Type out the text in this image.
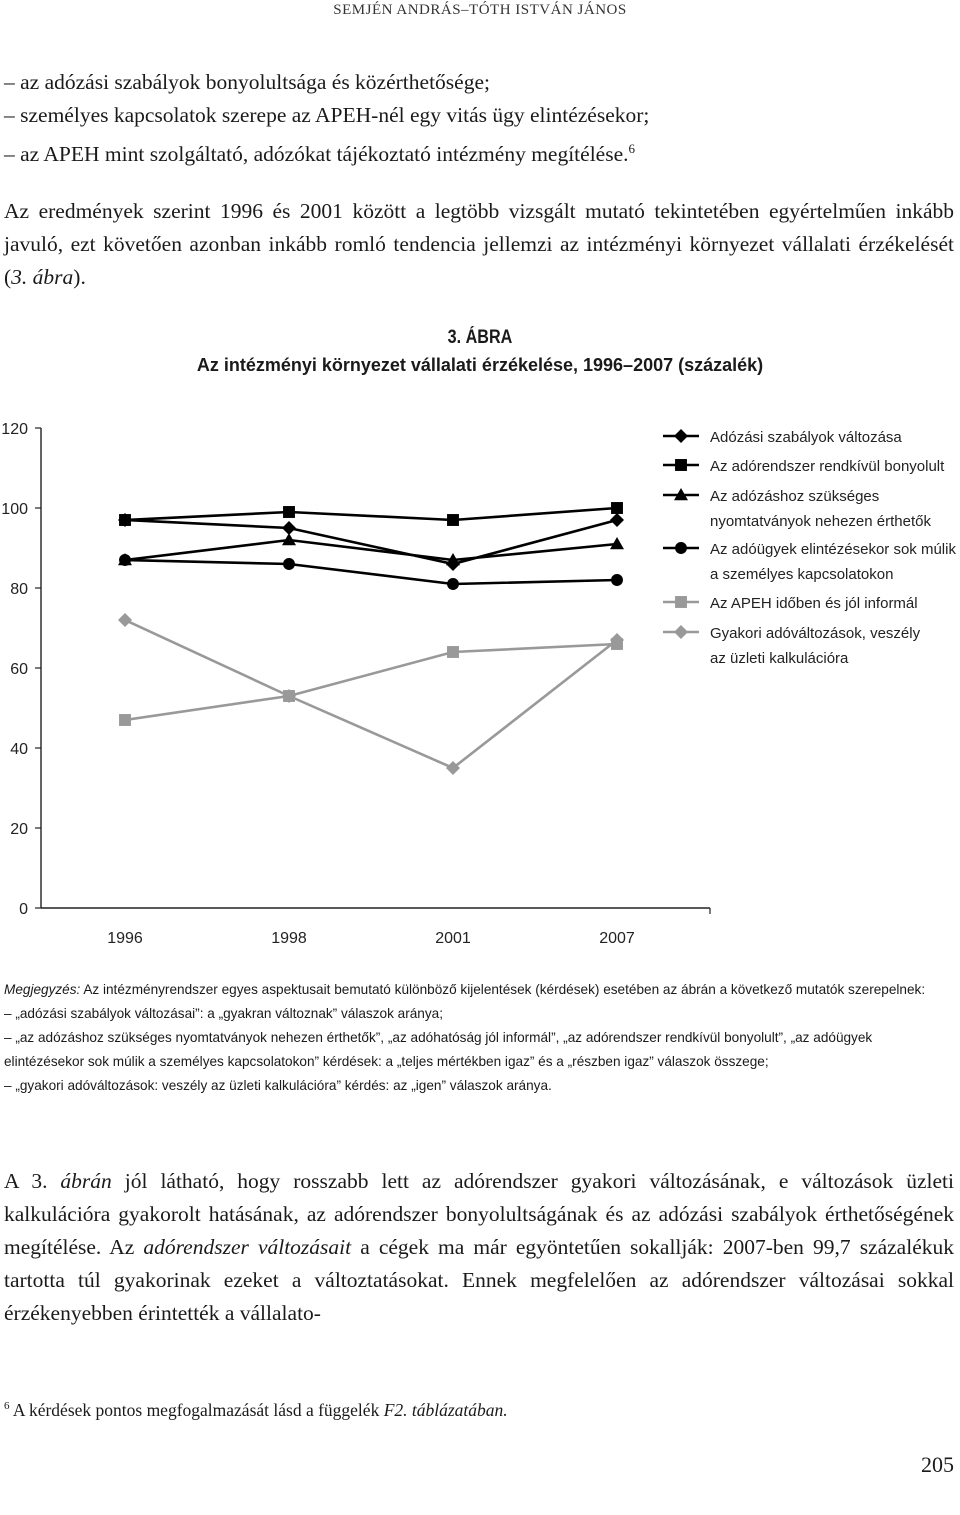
SEMJÉN ANDRÁS–TÓTH ISTVÁN JÁNOS
– az adózási szabályok bonyolultsága és közérthetősége;
– személyes kapcsolatok szerepe az APEH-nél egy vitás ügy elintézésekor;
– az APEH mint szolgáltató, adózókat tájékoztató intézmény megítélése.$^6$
Az eredmények szerint 1996 és 2001 között a legtöbb vizsgált mutató tekintetében egyértelműen inkább javuló, ezt követően azonban inkább romló tendencia jellemzi az intézményi környezet vállalati érzékelését (3. ábra).
3. ÁBRA
Az intézményi környezet vállalati érzékelése, 1996–2007 (százalék)
0
20
40
60
80
100
120
1996	1998	2001	2007
Adózási szabályok változása
Az adórendszer rendkívül bonyolult
Az adózáshoz szükséges
nyomtatványok nehezen érthetők
Az adóügyek elintézésekor sok múlik
a személyes kapcsolatokon
Az APEH időben és jól informál
Gyakori adóváltozások, veszély
az üzleti kalkulációra
Megjegyzés: Az intézményrendszer egyes aspektusait bemutató különböző kijelentések (kérdések) esetében az ábrán a következő mutatók szerepelnek:
– „adózási szabályok változásai”: a „gyakran változnak” válaszok aránya;
– „az adózáshoz szükséges nyomtatványok nehezen érthetők”, „az adóhatóság jól informál”, „az adórendszer rendkívül bonyolult”, „az adóügyek
elintézésekor sok múlik a személyes kapcsolatokon” kérdések: a „teljes mértékben igaz” és a „részben igaz” válaszok összege;
– „gyakori adóváltozások: veszély az üzleti kalkulációra” kérdés: az „igen” válaszok aránya.
A 3. ábrán jól látható, hogy rosszabb lett az adórendszer gyakori változásának, e változások üzleti kalkulációra gyakorolt hatásának, az adórendszer bonyolultságának és az adózási szabályok érthetőségének megítélése. Az adórendszer változásait a cégek ma már egyöntetűen sokallják: 2007-ben 99,7 százalékuk tartotta túl gyakorinak ezeket a változtatásokat. Ennek megfelelően az adórendszer változásai sokkal érzékenyebben érintették a vállalato-
$^6$ A kérdések pontos megfogalmazását lásd a függelék F2. táblázatában.
205
